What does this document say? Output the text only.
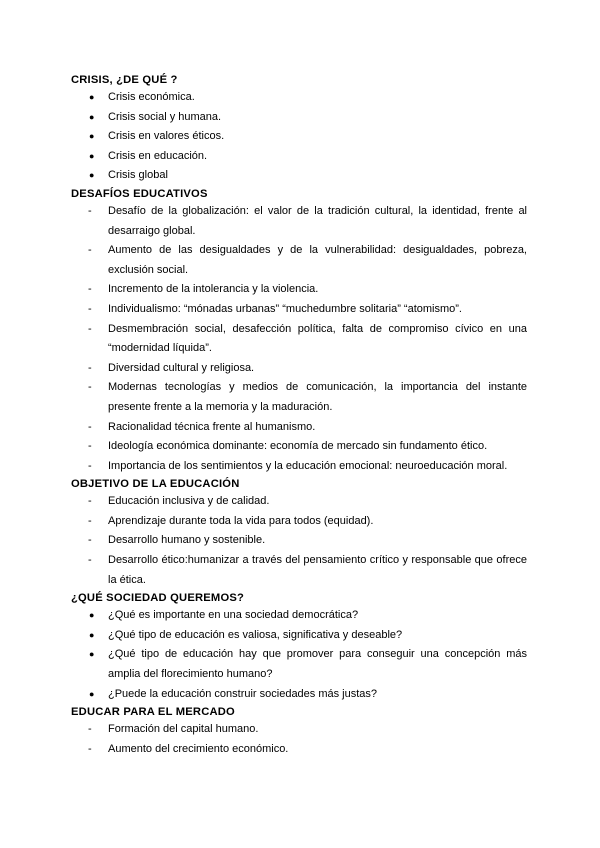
CRISIS, ¿DE QUÉ ?
●	Crisis económica.
●	Crisis social y humana.
●	Crisis en valores éticos.
●	Crisis en educación.
●	Crisis global
DESAFÍOS EDUCATIVOS
-	Desafío de la globalización: el valor de la tradición cultural, la identidad, frente al desarraigo global.
-	Aumento de las desigualdades y de la vulnerabilidad: desigualdades, pobreza, exclusión social.
-	Incremento de la intolerancia y la violencia.
-	Individualismo: “mónadas urbanas” “muchedumbre solitaria” “atomismo”.
-	Desmembración social, desafección política, falta de compromiso cívico en una “modernidad líquida”.
-	Diversidad cultural y religiosa.
-	Modernas tecnologías y medios de comunicación, la importancia del instante presente frente a la memoria y la maduración.
-	Racionalidad técnica frente al humanismo.
-	Ideología económica dominante: economía de mercado sin fundamento ético.
-	Importancia de los sentimientos y la educación emocional: neuroeducación moral.
OBJETIVO DE LA EDUCACIÓN
-	Educación inclusiva y de calidad.
-	Aprendizaje durante toda la vida para todos (equidad).
-	Desarrollo humano y sostenible.
-	Desarrollo ético:humanizar a través del pensamiento crítico y responsable que ofrece la ética.
¿QUÉ SOCIEDAD QUEREMOS?
●	¿Qué es importante en una sociedad democrática?
●	¿Qué tipo de educación es valiosa, significativa y deseable?
●	¿Qué tipo de educación hay que promover para conseguir una concepción más amplia del florecimiento humano?
●	¿Puede la educación construir sociedades más justas?
EDUCAR PARA EL MERCADO
-	Formación del capital humano.
-	Aumento del crecimiento económico.
